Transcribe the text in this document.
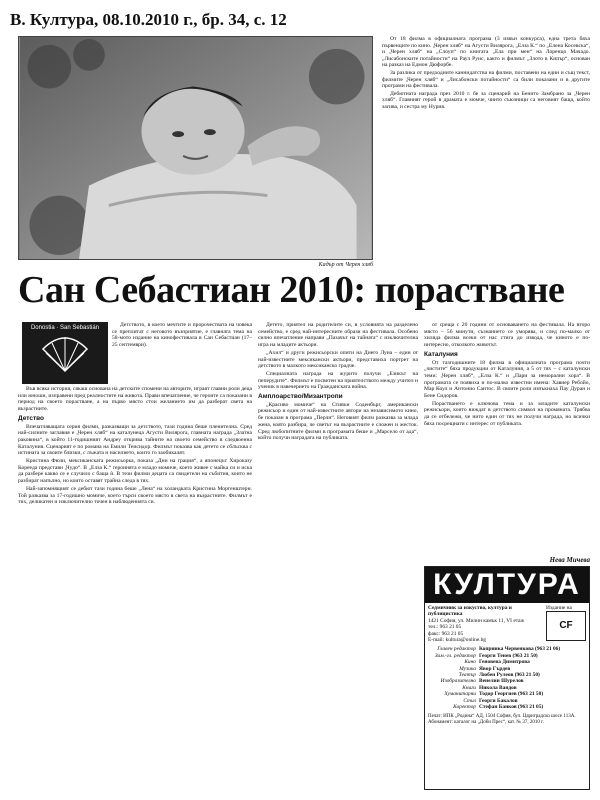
В. Култура, 08.10.2010 г., бр. 34, с. 12
Кадър от Черен хляб

От 18 филма в официалната програма (3 извън конкурса), една трета бяха първенците по кино. „Черен хляб“ на Агусти Вилярога, „Елза К.“ по „Елена Косевска“, и „Черен хляб“ на „Слоуп“ по книгата „Ела при мен“ на Лоренцо Мачадо. „Лисабонските потайности“ на Раул Руис, както и филмът „Злото в Кипър“, основан на разказ на Едмон Дюфорбе.

За разлика от предходните каннидатства на филми, поставени на един и същ текст, филмите „Черен хляб“ и „Лисабонски потайности“ са били показани и в другите програми на фестивала.

Дебютната награда през 2010 г. бе за сценарий на Бенито Замбрано за „Черен хляб“. Главният герой в драмата е момче, чиито съюзници са неговият баща, който загива, и сестра му Нурия.

Сан Себастиан 2010: порастване
Donostia · San Sebastián	Детството, в което мечтите и пророчествата на човека се преплитат с неговото възприятие, е главната тема на 58-мото издание на кинофестивала в Сан Себастиан (17–25 септември).

Във всяка история, сякаш основана на детските спомени на авторите, играят главни роли деца или юноши, изправени пред реалностите на живота. Прави впечатление, че героите са показани в период на своето порастване, а на първо място стои желанието им да разберат света на възрастните.

Детство

Впечатляващата серия филми, разказващи за детството, тази година беше пленителна. Сред най-силните заглавия е „Черен хляб“ на каталунеца Агусти Вилярога, главната награда „Златна раковина“, в който 11-годишният Андреу открива тайните на своето семейство в следвоенна Каталуния. Сценарият е по романа на Емили Теисидор. Филмът показва как детето се сблъсква с истината за своите близки, с лъжата и насилието, които го заобикалят.

Кристина Фюзи, мексиканската режисьорка, показа „Дни на грация“, а японецът Хироказу Корееда представи „Чудо“. В „Елза К.“ героинята е младо момиче, което живее с майка си и иска да разбере какво се е случило с баща ѝ. В тези филми децата са свидетели на събития, които не разбират напълно, но които оставят трайна следа в тях.

Най-запомнящият се дебют тази година беше „Лена“ на холандката Кристина Моргенштерн. Той разказва за 17-годишно момиче, което търси своето място в света на възрастните. Филмът е тих, деликатен и изключително точен в наблюденията си.

Детето, приятел на родителите си, в условията на разделено семейство, е сред най-интересните образи на фестивала. Особено силно впечатление направи „Пазачът на тайната“ с изключителна игра на младите актьори.

„Ахил“ и други режисьорски опити на Диего Луна – един от най-известните мексикански актьори, представиха портрет на детството в малкото мексиканско градче.

Специалната награда на журито получи „Езикът на пеперудите“. Филмът е посветен на приятелството между учител и ученик в навечерието на Гражданската война.

Амплоарство/Мизантропи

„Красиво момиче“ на Стивън Соденбърг, американски режисьор и един от най-известните автори на независимото кино, бе показан в програма „Перли“. Неговият филм разказва за млада жена, която разбира, че светът на възрастните е сложен и жесток. Сред любопитните филми в програмата беше и „Марсело от ада“, който получи наградата на публиката.

от среща с 20 години от основаването на фестивала. На второ място – 56 минути, съзнанието се уморява, и след по-малко от хиляда филма всеки от нас стига до извода, че киното е по-интересно, отколкото животът.

Каталуния

От тазгодишните 18 филма в официалната програма почти „чистите“ бяха продукции от Каталуния, а 5 от тях – с каталунски теми: „Черен хляб“, „Елза К.“ и „Пари за неморални хора“. В програмата се появиха и по-малко известни имена: Хавиер Ребойо, Мар Коул и Антонио Сантос. В своите роли изпъкнаха Пау Дуран и Бене Сидоров.

Порастването е ключова тема и за младите каталунски режисьори, които виждат в детството символ на промяната. Трябва да се отбележи, че нито един от тях не получи награда, но всички бяха посрещнати с интерес от публиката.

Нева Мичева
КУЛТУРА
Седмичник за изкуство, култура и публицистика
1421 София, ул. Милин камък 11, VI етаж
тел.: 963 21 05
факс: 963 21 05
E-mail: kultura@online.bg
Издание на
CF
Главен редактор Копринка Червенкова (963 21 06)
Зам.-гл. редактор Георги Тенев (963 21 50)
Кино Геновева Димитрова
Музика Явор Гърдев
Театър Любен Рулеов (963 21 50)
Изобразително Венелин Шурелов
Книги Никола Вандов
Хуманитарни Тодор Георгиев (963 21 50)
Стил Георги Бакалов
Коректор Стефан Банков (963 21 05)
Печат: ИПК „Родина“ АД, 1504 София, бул. Цариградско шосе 113А. Абонамент: каталог на „Доби Прес“, кат. № 37, 2010 г.
